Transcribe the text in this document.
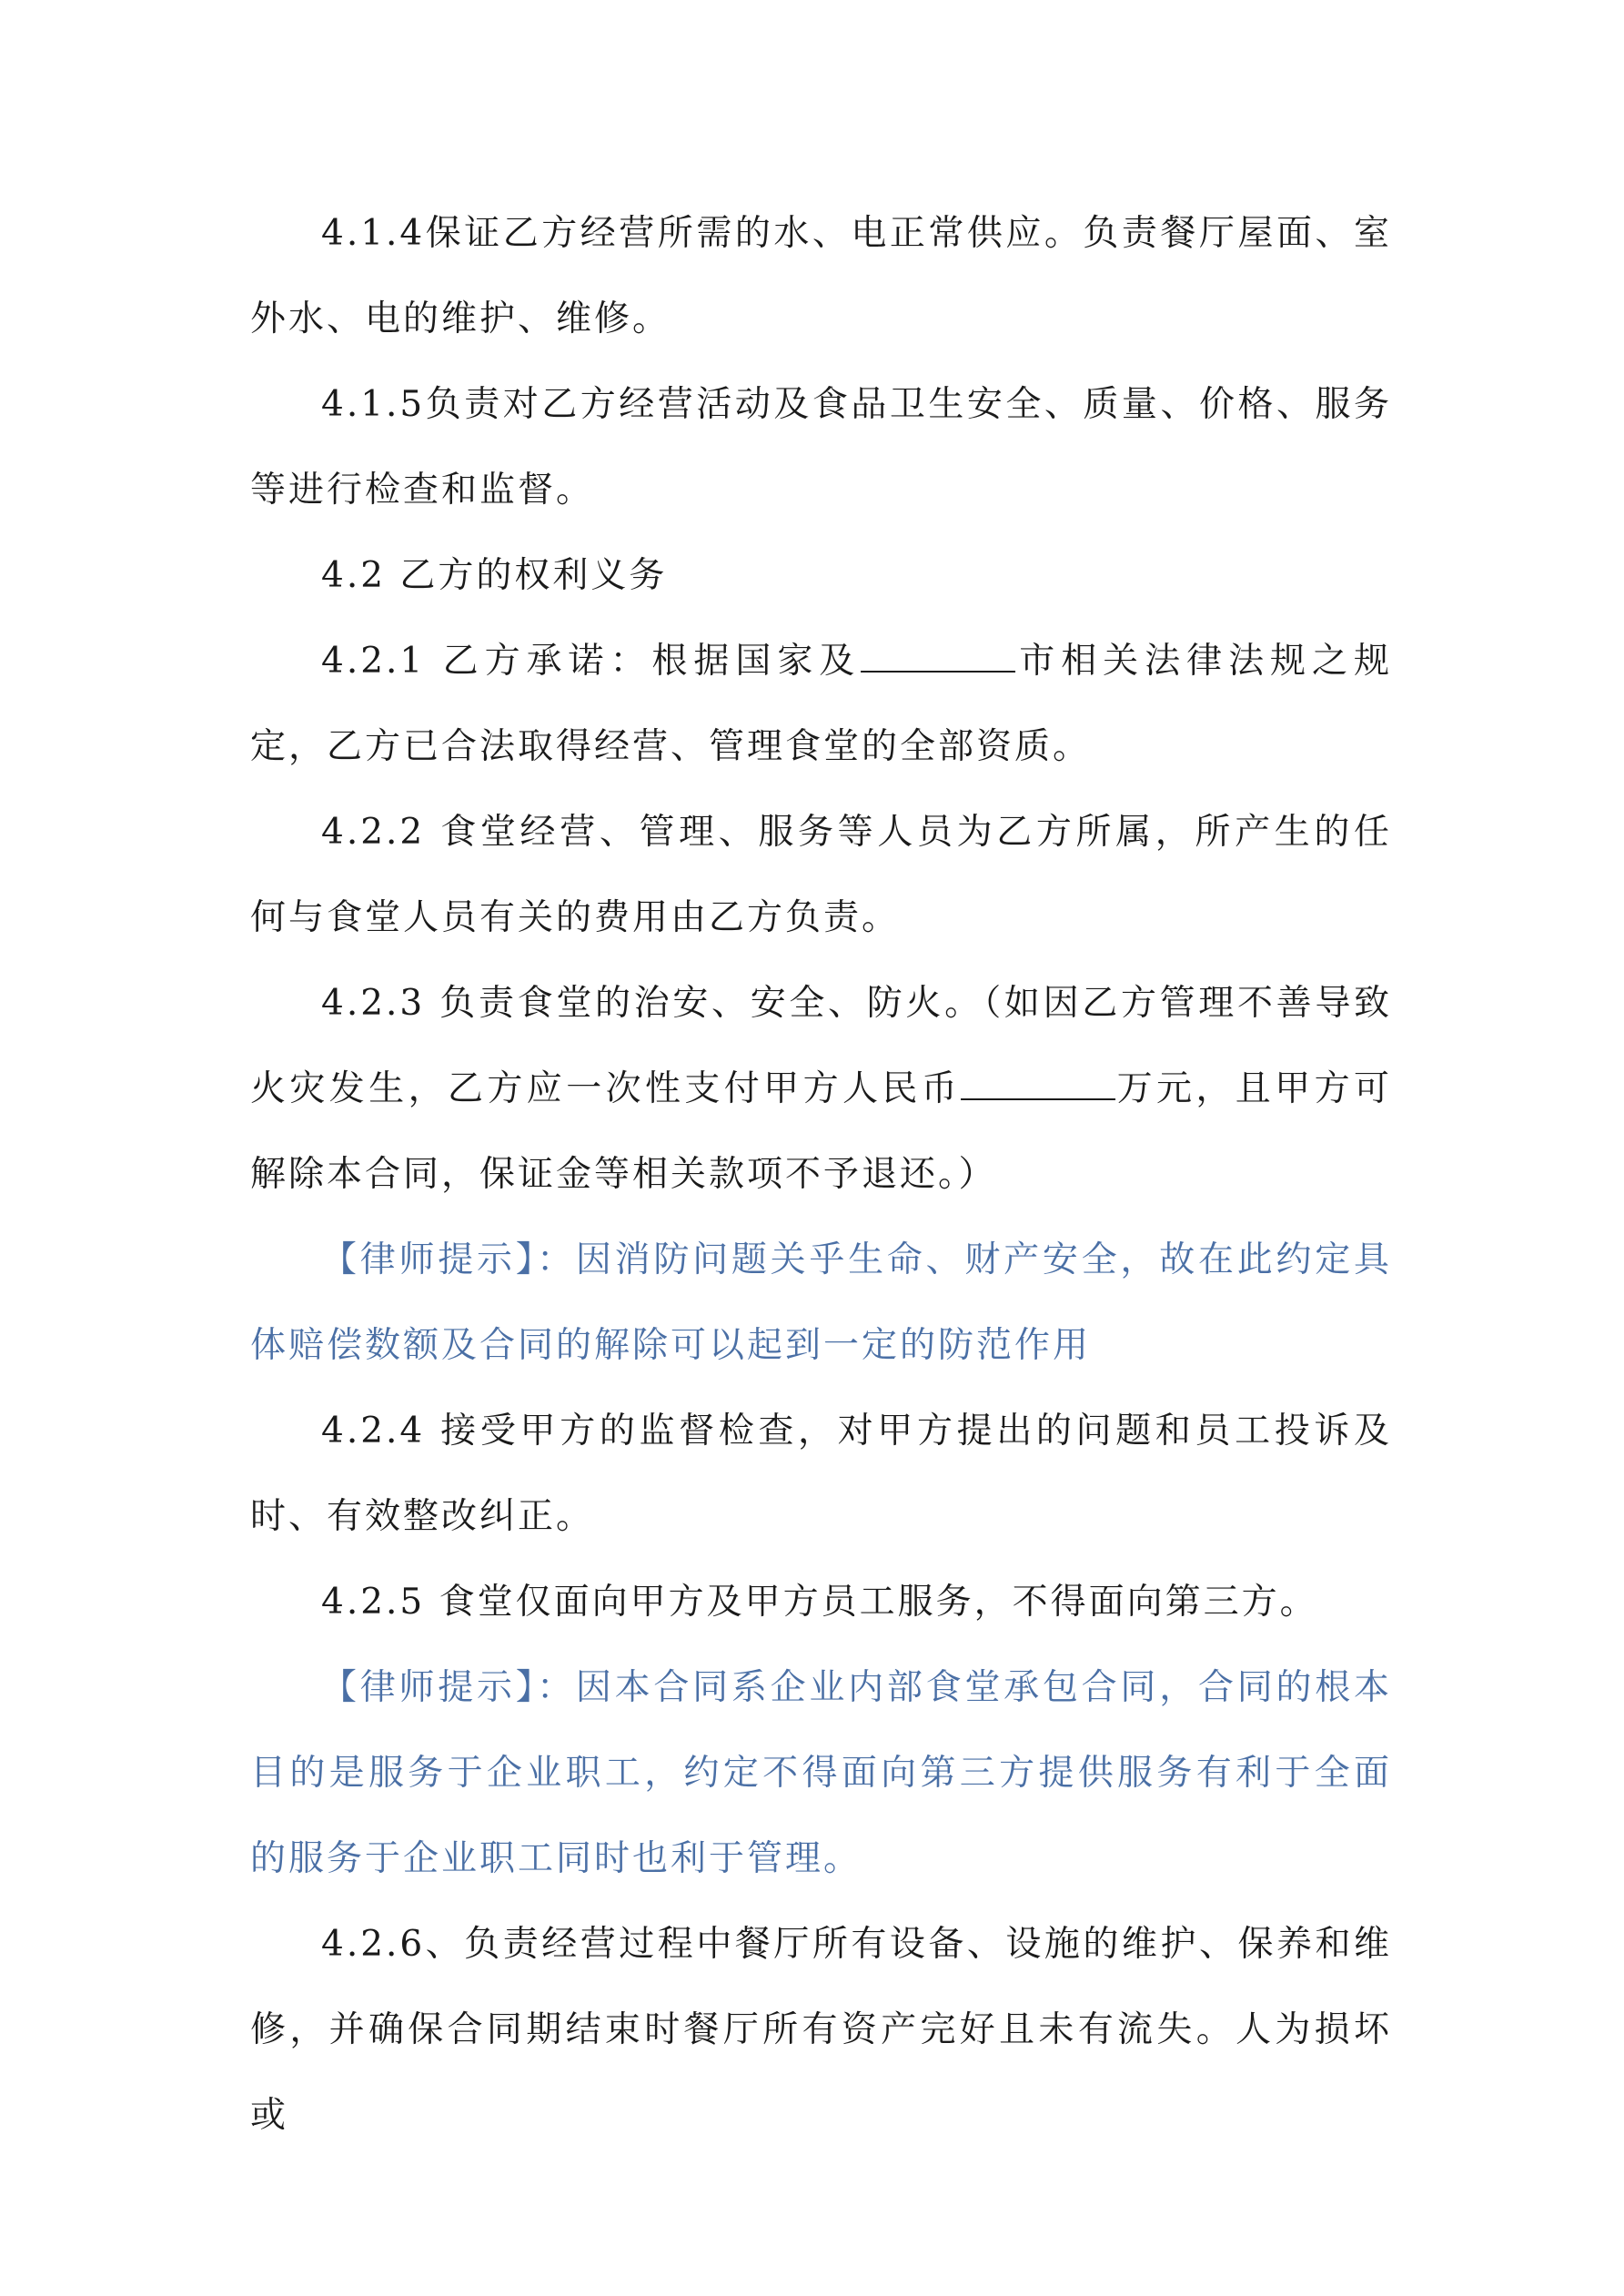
4.1.4保证乙方经营所需的水、电正常供应。负责餐厅屋面、室外水、电的维护、维修。

4.1.5负责对乙方经营活动及食品卫生安全、质量、价格、服务等进行检查和监督。

4.2 乙方的权利义务

4.2.1 乙方承诺：根据国家及	市相关法律法规之规定，乙方已合法取得经营、管理食堂的全部资质。

4.2.2 食堂经营、管理、服务等人员为乙方所属，所产生的任何与食堂人员有关的费用由乙方负责。

4.2.3 负责食堂的治安、安全、防火。（如因乙方管理不善导致火灾发生，乙方应一次性支付甲方人民币	万元，且甲方可解除本合同，保证金等相关款项不予退还。）

【律师提示】：因消防问题关乎生命、财产安全，故在此约定具体赔偿数额及合同的解除可以起到一定的防范作用

4.2.4 接受甲方的监督检查，对甲方提出的问题和员工投诉及时、有效整改纠正。

4.2.5 食堂仅面向甲方及甲方员工服务，不得面向第三方。

【律师提示】：因本合同系企业内部食堂承包合同，合同的根本目的是服务于企业职工，约定不得面向第三方提供服务有利于全面的服务于企业职工同时也利于管理。

4.2.6、负责经营过程中餐厅所有设备、设施的维护、保养和维修，并确保合同期结束时餐厅所有资产完好且未有流失。人为损坏或
